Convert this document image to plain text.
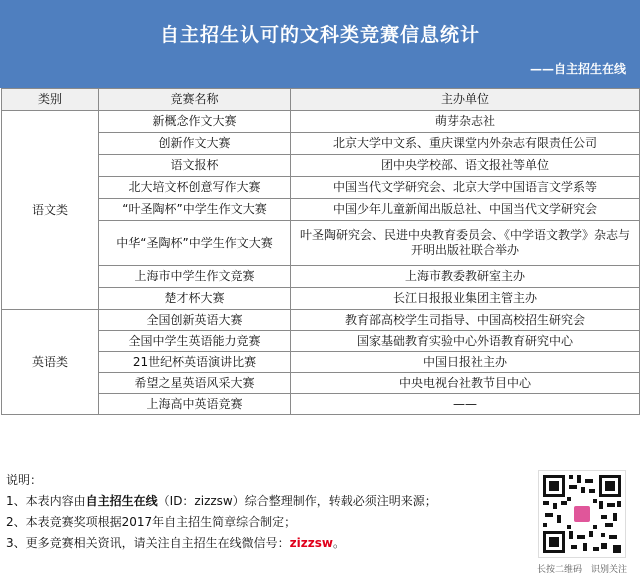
自主招生认可的文科类竞赛信息统计
——自主招生在线
类别	竞赛名称	主办单位
语文类	新概念作文大赛	萌芽杂志社
	创新作文大赛	北京大学中文系、重庆课堂内外杂志有限责任公司
	语文报杯	团中央学校部、语文报社等单位
	北大培文杯创意写作大赛	中国当代文学研究会、北京大学中国语言文学系等
	“叶圣陶杯”中学生作文大赛	中国少年儿童新闻出版总社、中国当代文学研究会
	中华“圣陶杯”中学生作文大赛	叶圣陶研究会、民进中央教育委员会、《中学语文教学》杂志与开明出版社联合举办
	上海市中学生作文竞赛	上海市教委教研室主办
	楚才杯大赛	长江日报报业集团主管主办
英语类	全国创新英语大赛	教育部高校学生司指导、中国高校招生研究会
	全国中学生英语能力竞赛	国家基础教育实验中心外语教育研究中心
	21世纪杯英语演讲比赛	中国日报社主办
	希望之星英语风采大赛	中央电视台社教节目中心
	上海高中英语竞赛	——
说明：
1、本表内容由自主招生在线（ID：zizzsw）综合整理制作，转载必须注明来源；
2、本表竞赛奖项根据2017年自主招生简章综合制定；
3、更多竞赛相关资讯，请关注自主招生在线微信号：zizzsw。
长按二维码　识别关注
